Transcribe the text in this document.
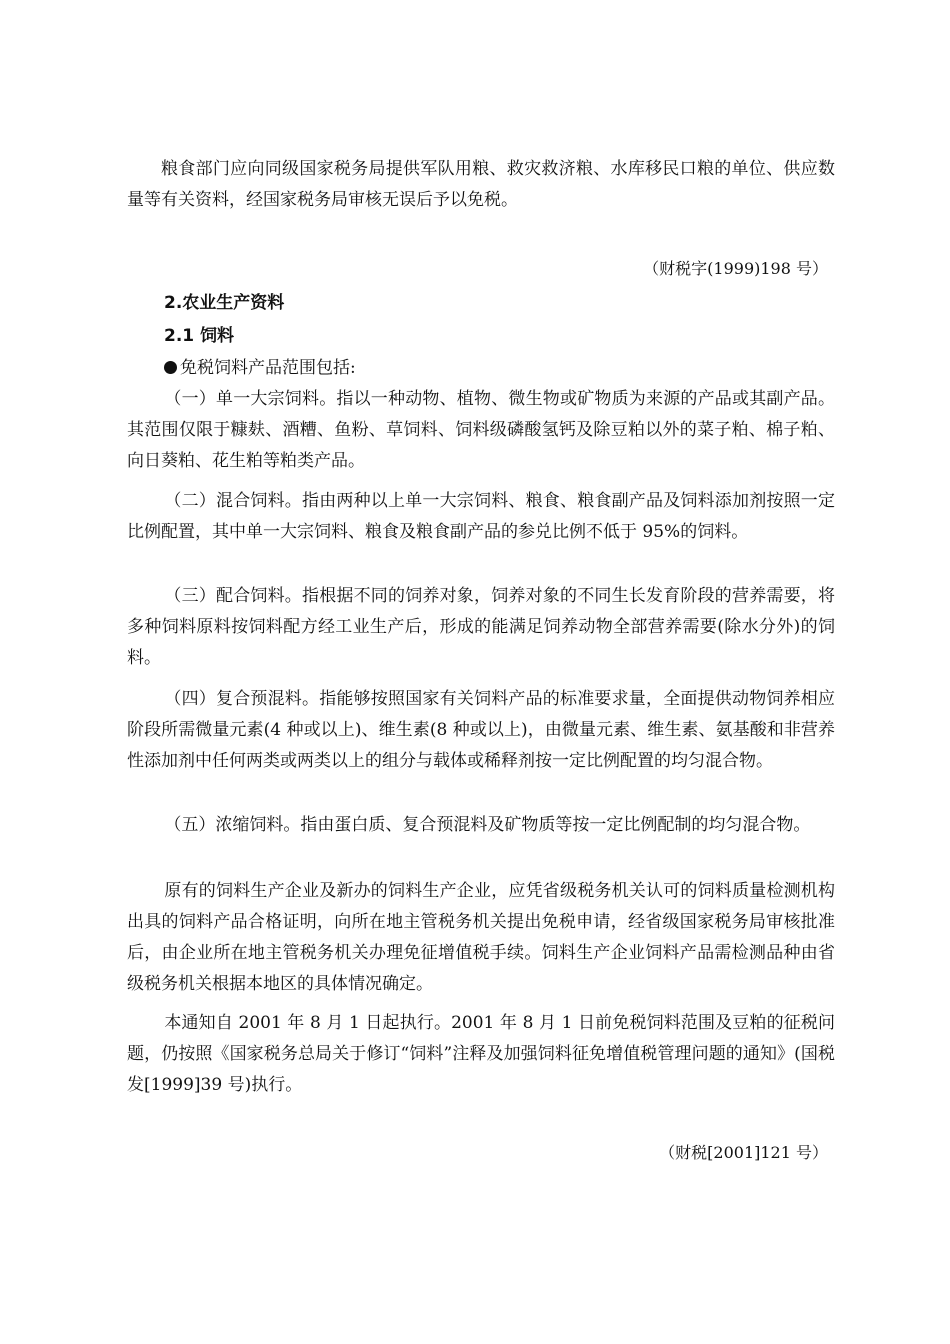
粮食部门应向同级国家税务局提供军队用粮、救灾救济粮、水库移民口粮的单位、供应数量等有关资料，经国家税务局审核无误后予以免税。
（财税字(1999)198 号）
2.农业生产资料
2.1 饲料
免税饲料产品范围包括:
（一）单一大宗饲料。指以一种动物、植物、微生物或矿物质为来源的产品或其副产品。其范围仅限于糠麸、酒糟、鱼粉、草饲料、饲料级磷酸氢钙及除豆粕以外的菜子粕、棉子粕、向日葵粕、花生粕等粕类产品。
（二）混合饲料。指由两种以上单一大宗饲料、粮食、粮食副产品及饲料添加剂按照一定比例配置，其中单一大宗饲料、粮食及粮食副产品的参兑比例不低于 95%的饲料。
（三）配合饲料。指根据不同的饲养对象，饲养对象的不同生长发育阶段的营养需要，将多种饲料原料按饲料配方经工业生产后，形成的能满足饲养动物全部营养需要(除水分外)的饲料。
（四）复合预混料。指能够按照国家有关饲料产品的标准要求量，全面提供动物饲养相应阶段所需微量元素(4 种或以上)、维生素(8 种或以上)，由微量元素、维生素、氨基酸和非营养性添加剂中任何两类或两类以上的组分与载体或稀释剂按一定比例配置的均匀混合物。
（五）浓缩饲料。指由蛋白质、复合预混料及矿物质等按一定比例配制的均匀混合物。
原有的饲料生产企业及新办的饲料生产企业，应凭省级税务机关认可的饲料质量检测机构出具的饲料产品合格证明，向所在地主管税务机关提出免税申请，经省级国家税务局审核批准后，由企业所在地主管税务机关办理免征增值税手续。饲料生产企业饲料产品需检测品种由省级税务机关根据本地区的具体情况确定。
本通知自 2001 年 8 月 1 日起执行。2001 年 8 月 1 日前免税饲料范围及豆粕的征税问题，仍按照《国家税务总局关于修订“饲料”注释及加强饲料征免增值税管理问题的通知》(国税发[1999]39 号)执行。
（财税[2001]121 号）
